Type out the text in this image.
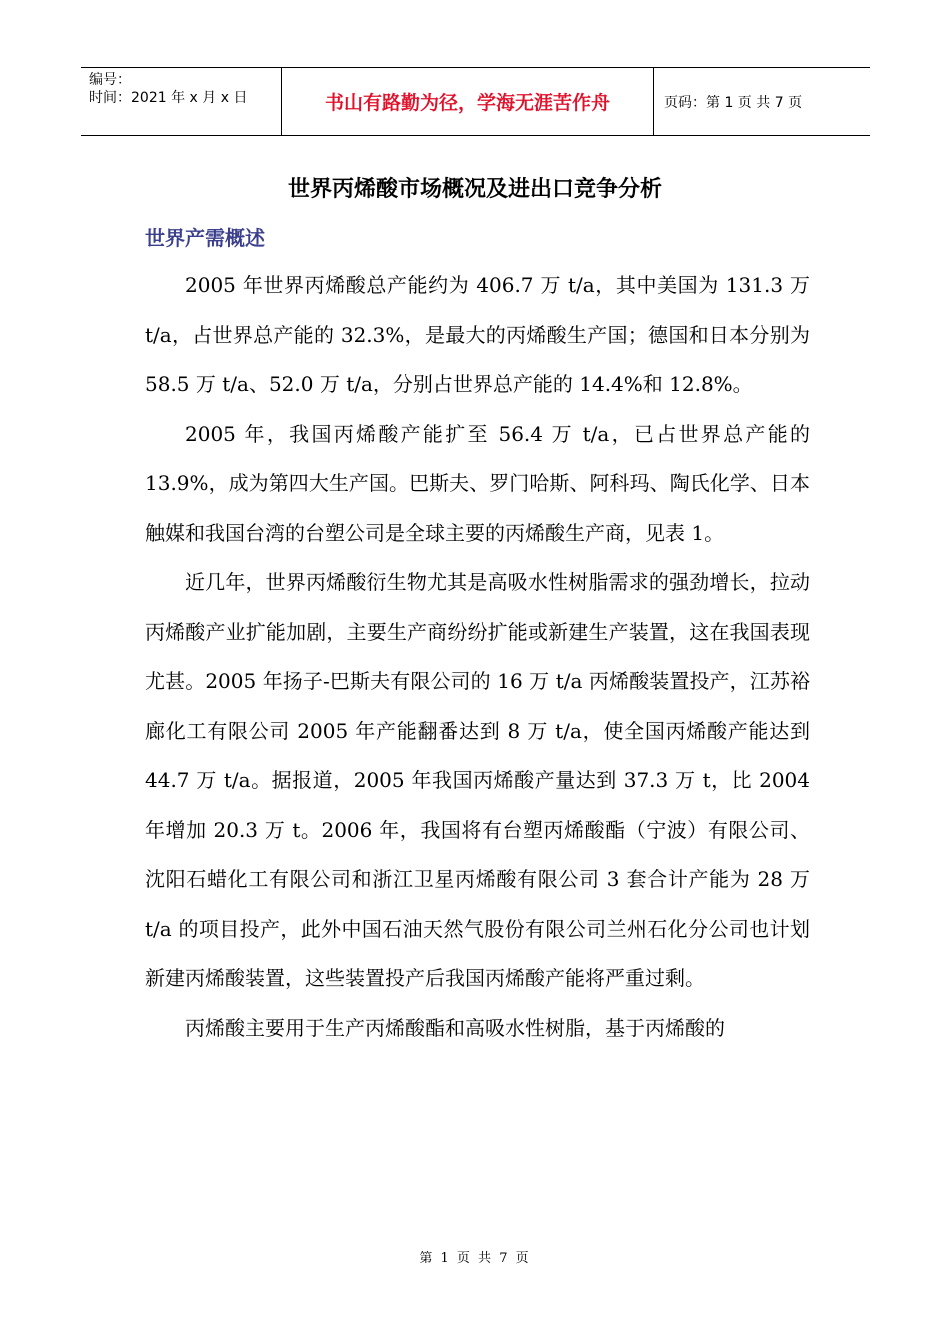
编号：
时间：2021 年 x 月 x 日	书山有路勤为径，学海无涯苦作舟	页码：第 1 页 共 7 页
世界丙烯酸市场概况及进出口竞争分析
世界产需概述

2005 年世界丙烯酸总产能约为 406.7 万 t/a，其中美国为 131.3 万 t/a，占世界总产能的 32.3%，是最大的丙烯酸生产国；德国和日本分别为 58.5 万 t/a、52.0 万 t/a，分别占世界总产能的 14.4%和 12.8%。

2005 年，我国丙烯酸产能扩至 56.4 万 t/a，已占世界总产能的 13.9%，成为第四大生产国。巴斯夫、罗门哈斯、阿科玛、陶氏化学、日本触媒和我国台湾的台塑公司是全球主要的丙烯酸生产商，见表 1。

近几年，世界丙烯酸衍生物尤其是高吸水性树脂需求的强劲增长，拉动丙烯酸产业扩能加剧，主要生产商纷纷扩能或新建生产装置，这在我国表现尤甚。2005 年扬子-巴斯夫有限公司的 16 万 t/a 丙烯酸装置投产，江苏裕廊化工有限公司 2005 年产能翻番达到 8 万 t/a，使全国丙烯酸产能达到 44.7 万 t/a。据报道，2005 年我国丙烯酸产量达到 37.3 万 t，比 2004 年增加 20.3 万 t。2006 年，我国将有台塑丙烯酸酯（宁波）有限公司、沈阳石蜡化工有限公司和浙江卫星丙烯酸有限公司 3 套合计产能为 28 万 t/a 的项目投产，此外中国石油天然气股份有限公司兰州石化分公司也计划新建丙烯酸装置，这些装置投产后我国丙烯酸产能将严重过剩。

丙烯酸主要用于生产丙烯酸酯和高吸水性树脂，基于丙烯酸的

第 1 页 共 7 页
